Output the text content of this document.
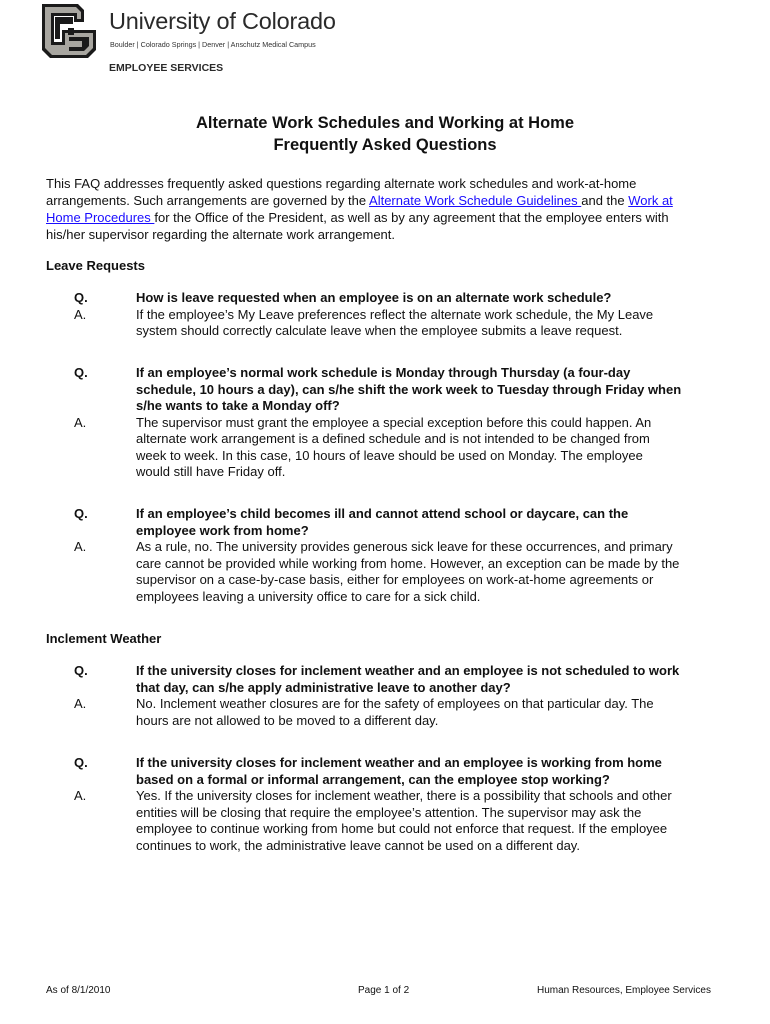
University of Colorado
Boulder | Colorado Springs | Denver | Anschutz Medical Campus
EMPLOYEE SERVICES
Alternate Work Schedules and Working at Home
Frequently Asked Questions
This FAQ addresses frequently asked questions regarding alternate work schedules and work-at-home
arrangements. Such arrangements are governed by the Alternate Work Schedule Guidelines and the Work at
Home Procedures for the Office of the President, as well as by any agreement that the employee enters with
his/her supervisor regarding the alternate work arrangement.
Leave Requests
Q.	How is leave requested when an employee is on an alternate work schedule?
A.	If the employee’s My Leave preferences reflect the alternate work schedule, the My Leave
system should correctly calculate leave when the employee submits a leave request.
Q.	If an employee’s normal work schedule is Monday through Thursday (a four-day
schedule, 10 hours a day), can s/he shift the work week to Tuesday through Friday when
s/he wants to take a Monday off?
A.	The supervisor must grant the employee a special exception before this could happen. An
alternate work arrangement is a defined schedule and is not intended to be changed from
week to week. In this case, 10 hours of leave should be used on Monday. The employee
would still have Friday off.
Q.	If an employee’s child becomes ill and cannot attend school or daycare, can the
employee work from home?
A.	As a rule, no. The university provides generous sick leave for these occurrences, and primary
care cannot be provided while working from home. However, an exception can be made by the
supervisor on a case-by-case basis, either for employees on work-at-home agreements or
employees leaving a university office to care for a sick child.
Inclement Weather
Q.	If the university closes for inclement weather and an employee is not scheduled to work
that day, can s/he apply administrative leave to another day?
A.	No. Inclement weather closures are for the safety of employees on that particular day. The
hours are not allowed to be moved to a different day.
Q.	If the university closes for inclement weather and an employee is working from home
based on a formal or informal arrangement, can the employee stop working?
A.	Yes. If the university closes for inclement weather, there is a possibility that schools and other
entities will be closing that require the employee’s attention. The supervisor may ask the
employee to continue working from home but could not enforce that request. If the employee
continues to work, the administrative leave cannot be used on a different day.
As of 8/1/2010	Page 1 of 2	Human Resources, Employee Services
